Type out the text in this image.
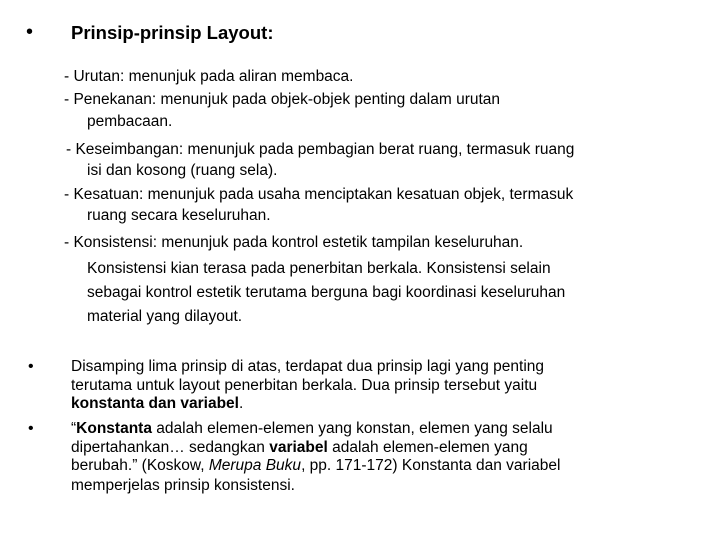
• Prinsip-prinsip Layout:
- Urutan: menunjuk pada aliran membaca.
- Penekanan: menunjuk pada objek-objek penting dalam urutan
pembacaan.
- Keseimbangan: menunjuk pada pembagian berat ruang, termasuk ruang
isi dan kosong (ruang sela).
- Kesatuan: menunjuk pada usaha menciptakan kesatuan objek, termasuk
ruang secara keseluruhan.
- Konsistensi: menunjuk pada kontrol estetik tampilan keseluruhan.
Konsistensi kian terasa pada penerbitan berkala. Konsistensi selain
sebagai kontrol estetik terutama berguna bagi koordinasi keseluruhan
material yang dilayout.
• Disamping lima prinsip di atas, terdapat dua prinsip lagi yang penting
terutama untuk layout penerbitan berkala. Dua prinsip tersebut yaitu
konstanta dan variabel.
• “Konstanta adalah elemen-elemen yang konstan, elemen yang selalu
dipertahankan… sedangkan variabel adalah elemen-elemen yang
berubah.” (Koskow, Merupa Buku, pp. 171-172) Konstanta dan variabel
memperjelas prinsip konsistensi.
